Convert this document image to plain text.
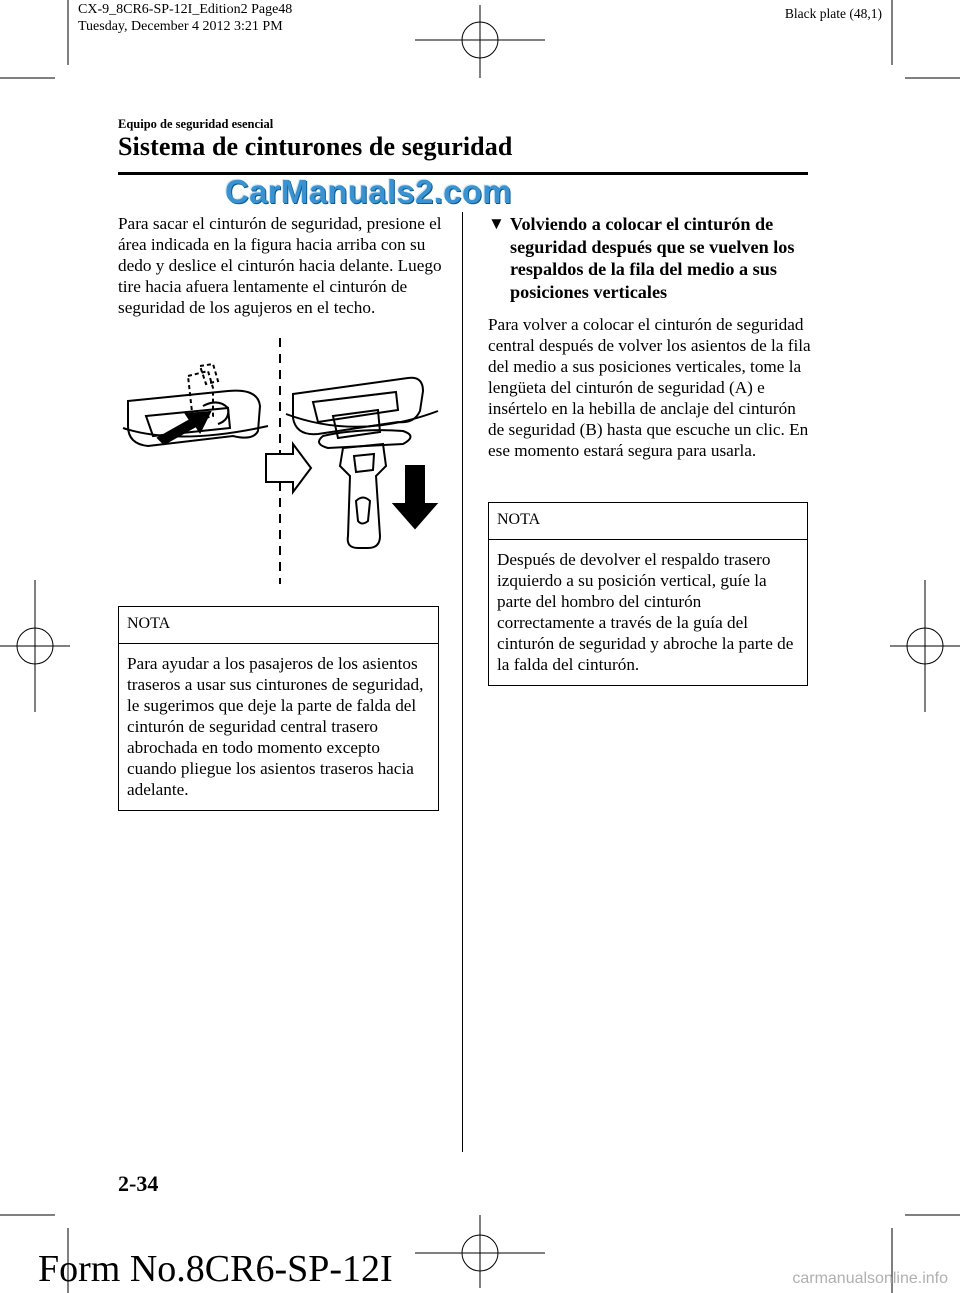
CX-9_8CR6-SP-12I_Edition2 Page48
Tuesday, December 4 2012 3:21 PM
Black plate (48,1)
Equipo de seguridad esencial
Sistema de cinturones de seguridad
CarManuals2.com

Para sacar el cinturón de seguridad, presione el área indicada en la figura hacia arriba con su dedo y deslice el cinturón hacia delante. Luego tire hacia afuera lentamente el cinturón de seguridad de los agujeros en el techo.

NOTA
Para ayudar a los pasajeros de los asientos traseros a usar sus cinturones de seguridad, le sugerimos que deje la parte de falda del cinturón de seguridad central trasero abrochada en todo momento excepto cuando pliegue los asientos traseros hacia adelante.
▼ Volviendo a colocar el cinturón de seguridad después que se vuelven los respaldos de la fila del medio a sus posiciones verticales

Para volver a colocar el cinturón de seguridad central después de volver los asientos de la fila del medio a sus posiciones verticales, tome la lengüeta del cinturón de seguridad (A) e insértelo en la hebilla de anclaje del cinturón de seguridad (B) hasta que escuche un clic. En ese momento estará segura para usarla.

NOTA
Después de devolver el respaldo trasero izquierdo a su posición vertical, guíe la parte del hombro del cinturón correctamente a través de la guía del cinturón de seguridad y abroche la parte de la falda del cinturón.
2-34
Form No.8CR6-SP-12I	carmanualsonline.info
